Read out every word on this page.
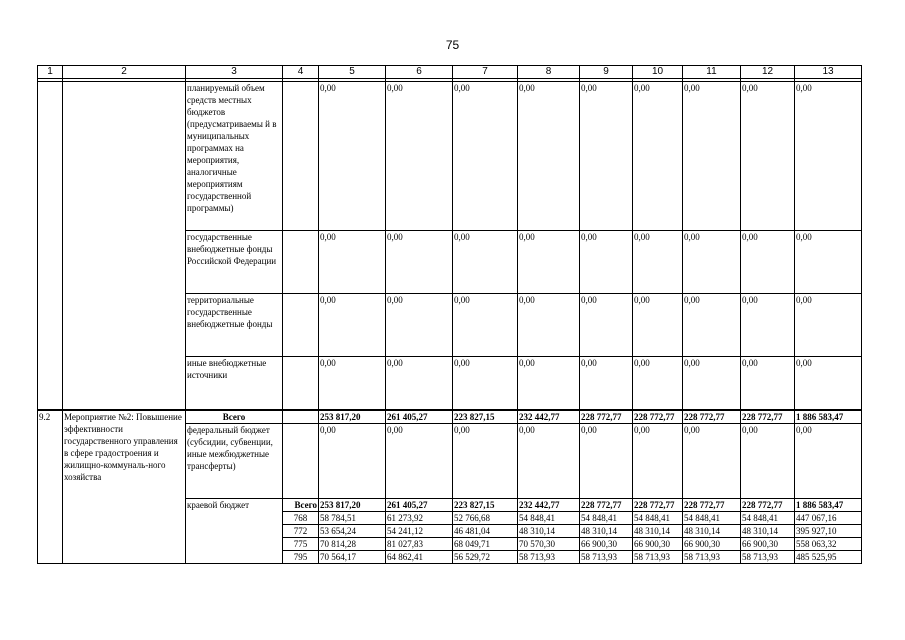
75
1	2	3	4	5	6	7	8	9	10	11	12	13

		планируемый объем средств местных бюджетов (предусматриваемы й в муниципальных программах на мероприятия, аналогичные мероприятиям государственной программы)		0,00	0,00	0,00	0,00	0,00	0,00	0,00	0,00	0,00
		государственные внебюджетные фонды Российской Федерации		0,00	0,00	0,00	0,00	0,00	0,00	0,00	0,00	0,00
		территориальные государственные внебюджетные фонды		0,00	0,00	0,00	0,00	0,00	0,00	0,00	0,00	0,00
		иные внебюджетные источники		0,00	0,00	0,00	0,00	0,00	0,00	0,00	0,00	0,00
9.2	Мероприятие №2: Повышение эффективности государственного управления в сфере градостроения и жилищно-коммуналь-ного хозяйства	Всего		253 817,20	261 405,27	223 827,15	232 442,77	228 772,77	228 772,77	228 772,77	228 772,77	1 886 583,47
		федеральный бюджет (субсидии, субвенции, иные межбюджетные трансферты)		0,00	0,00	0,00	0,00	0,00	0,00	0,00	0,00	0,00
		краевой бюджет	Всего	253 817,20	261 405,27	223 827,15	232 442,77	228 772,77	228 772,77	228 772,77	228 772,77	1 886 583,47
			768	58 784,51	61 273,92	52 766,68	54 848,41	54 848,41	54 848,41	54 848,41	54 848,41	447 067,16
			772	53 654,24	54 241,12	46 481,04	48 310,14	48 310,14	48 310,14	48 310,14	48 310,14	395 927,10
			775	70 814,28	81 027,83	68 049,71	70 570,30	66 900,30	66 900,30	66 900,30	66 900,30	558 063,32
			795	70 564,17	64 862,41	56 529,72	58 713,93	58 713,93	58 713,93	58 713,93	58 713,93	485 525,95
